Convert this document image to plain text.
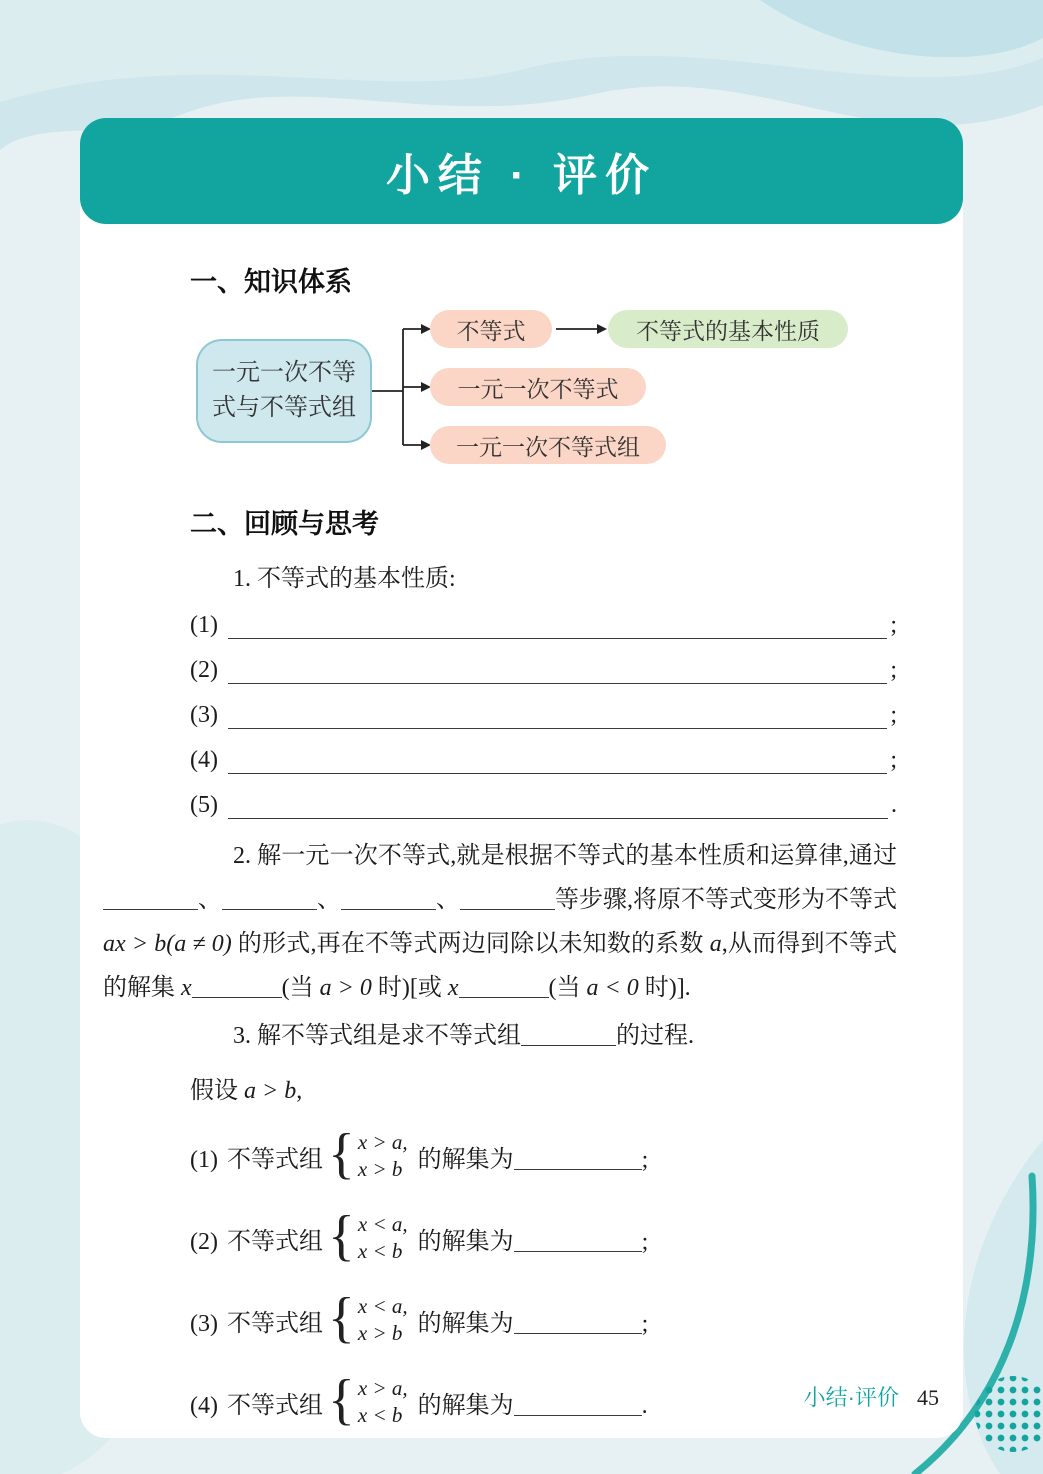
小结 · 评价
一、知识体系
一元一次不等
式与不等式组
不等式	不等式的基本性质
一元一次不等式
一元一次不等式组
二、回顾与思考

1. 不等式的基本性质:

(1)	;
(2)	;
(3)	;
(4)	;
(5)	.

2. 解一元一次不等式,就是根据不等式的基本性质和运算律,通过、	、	、	等步骤,将原不等式变形为不等式 ax > b(a ≠ 0) 的形式,再在不等式两边同除以未知数的系数 a,从而得到不等式的解集 x	(当 a > 0 时)[或 x	(当 a < 0 时)].

3. 解不等式组是求不等式组	的过程.

假设 a > b,

(1) 不等式组 { x > a,
x > b 的解集为	;
(2) 不等式组 { x < a,
x < b 的解集为	;
(3) 不等式组 { x < a,
x > b 的解集为	;
(4) 不等式组 { x > a,
x < b 的解集为	.	小结·评价 45
